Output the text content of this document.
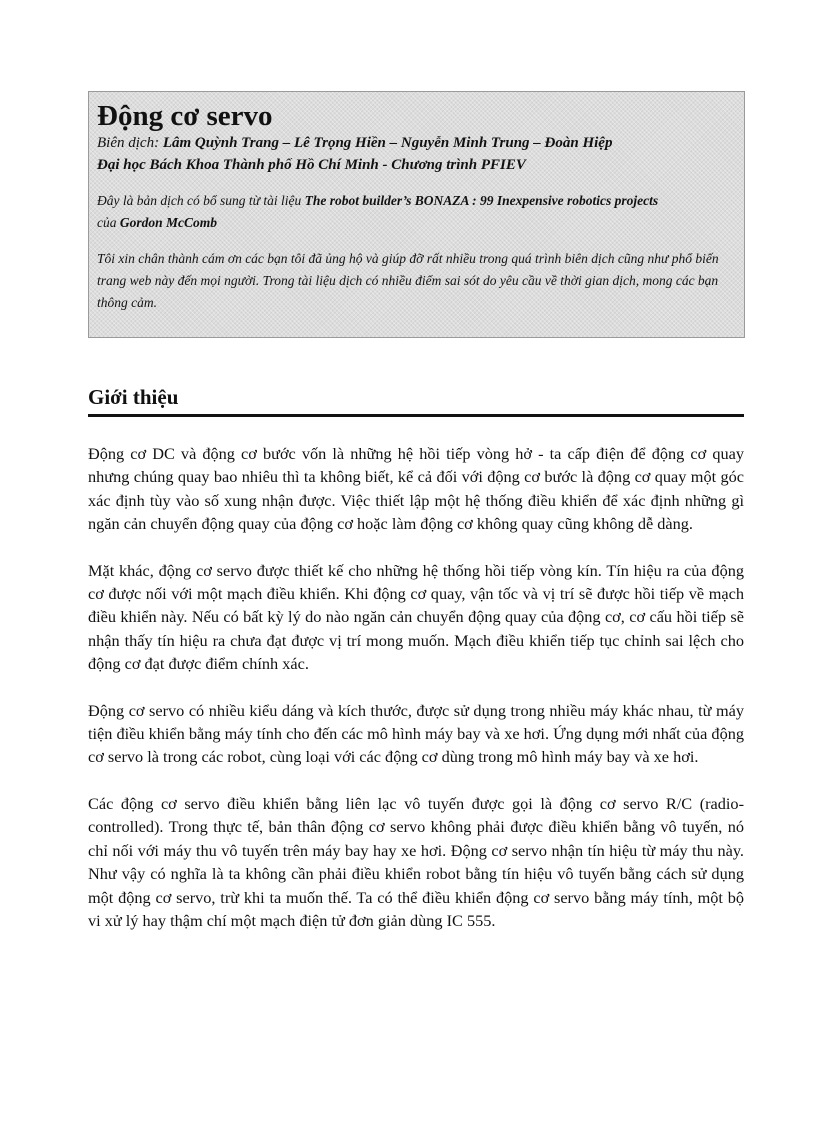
Động cơ servo

Biên dịch: Lâm Quỳnh Trang – Lê Trọng Hiền – Nguyễn Minh Trung – Đoàn Hiệp

Đại học Bách Khoa Thành phố Hồ Chí Minh - Chương trình PFIEV

Đây là bản dịch có bổ sung từ tài liệu The robot builder’s BONAZA : 99 Inexpensive robotics projects
của Gordon McComb

Tôi xin chân thành cám ơn các bạn tôi đã ủng hộ và giúp đỡ rất nhiều trong quá trình biên dịch cũng như phổ biến trang web này đến mọi người. Trong tài liệu dịch có nhiều điểm sai sót do yêu cầu về thời gian dịch, mong các bạn thông cảm.

Giới thiệu

Động cơ DC và động cơ bước vốn là những hệ hồi tiếp vòng hở - ta cấp điện để động cơ quay nhưng chúng quay bao nhiêu thì ta không biết, kể cả đối với động cơ bước là động cơ quay một góc xác định tùy vào số xung nhận được. Việc thiết lập một hệ thống điều khiển để xác định những gì ngăn cản chuyển động quay của động cơ hoặc làm động cơ không quay cũng không dễ dàng.

Mặt khác, động cơ servo được thiết kế cho những hệ thống hồi tiếp vòng kín. Tín hiệu ra của động cơ được nối với một mạch điều khiển. Khi động cơ quay, vận tốc và vị trí sẽ được hồi tiếp về mạch điều khiển này. Nếu có bất kỳ lý do nào ngăn cản chuyển động quay của động cơ, cơ cấu hồi tiếp sẽ nhận thấy tín hiệu ra chưa đạt được vị trí mong muốn. Mạch điều khiển tiếp tục chỉnh sai lệch cho động cơ đạt được điểm chính xác.

Động cơ servo có nhiều kiểu dáng và kích thước, được sử dụng trong nhiều máy khác nhau, từ máy tiện điều khiển bằng máy tính cho đến các mô hình máy bay và xe hơi. Ứng dụng mới nhất của động cơ servo là trong các robot, cùng loại với các động cơ dùng trong mô hình máy bay và xe hơi.

Các động cơ servo điều khiển bằng liên lạc vô tuyến được gọi là động cơ servo R/C (radio-controlled). Trong thực tế, bản thân động cơ servo không phải được điều khiển bằng vô tuyến, nó chỉ nối với máy thu vô tuyến trên máy bay hay xe hơi. Động cơ servo nhận tín hiệu từ máy thu này. Như vậy có nghĩa là ta không cần phải điều khiển robot bằng tín hiệu vô tuyến bằng cách sử dụng một động cơ servo, trừ khi ta muốn thế. Ta có thể điều khiển động cơ servo bằng máy tính, một bộ vi xử lý hay thậm chí một mạch điện tử đơn giản dùng IC 555.
